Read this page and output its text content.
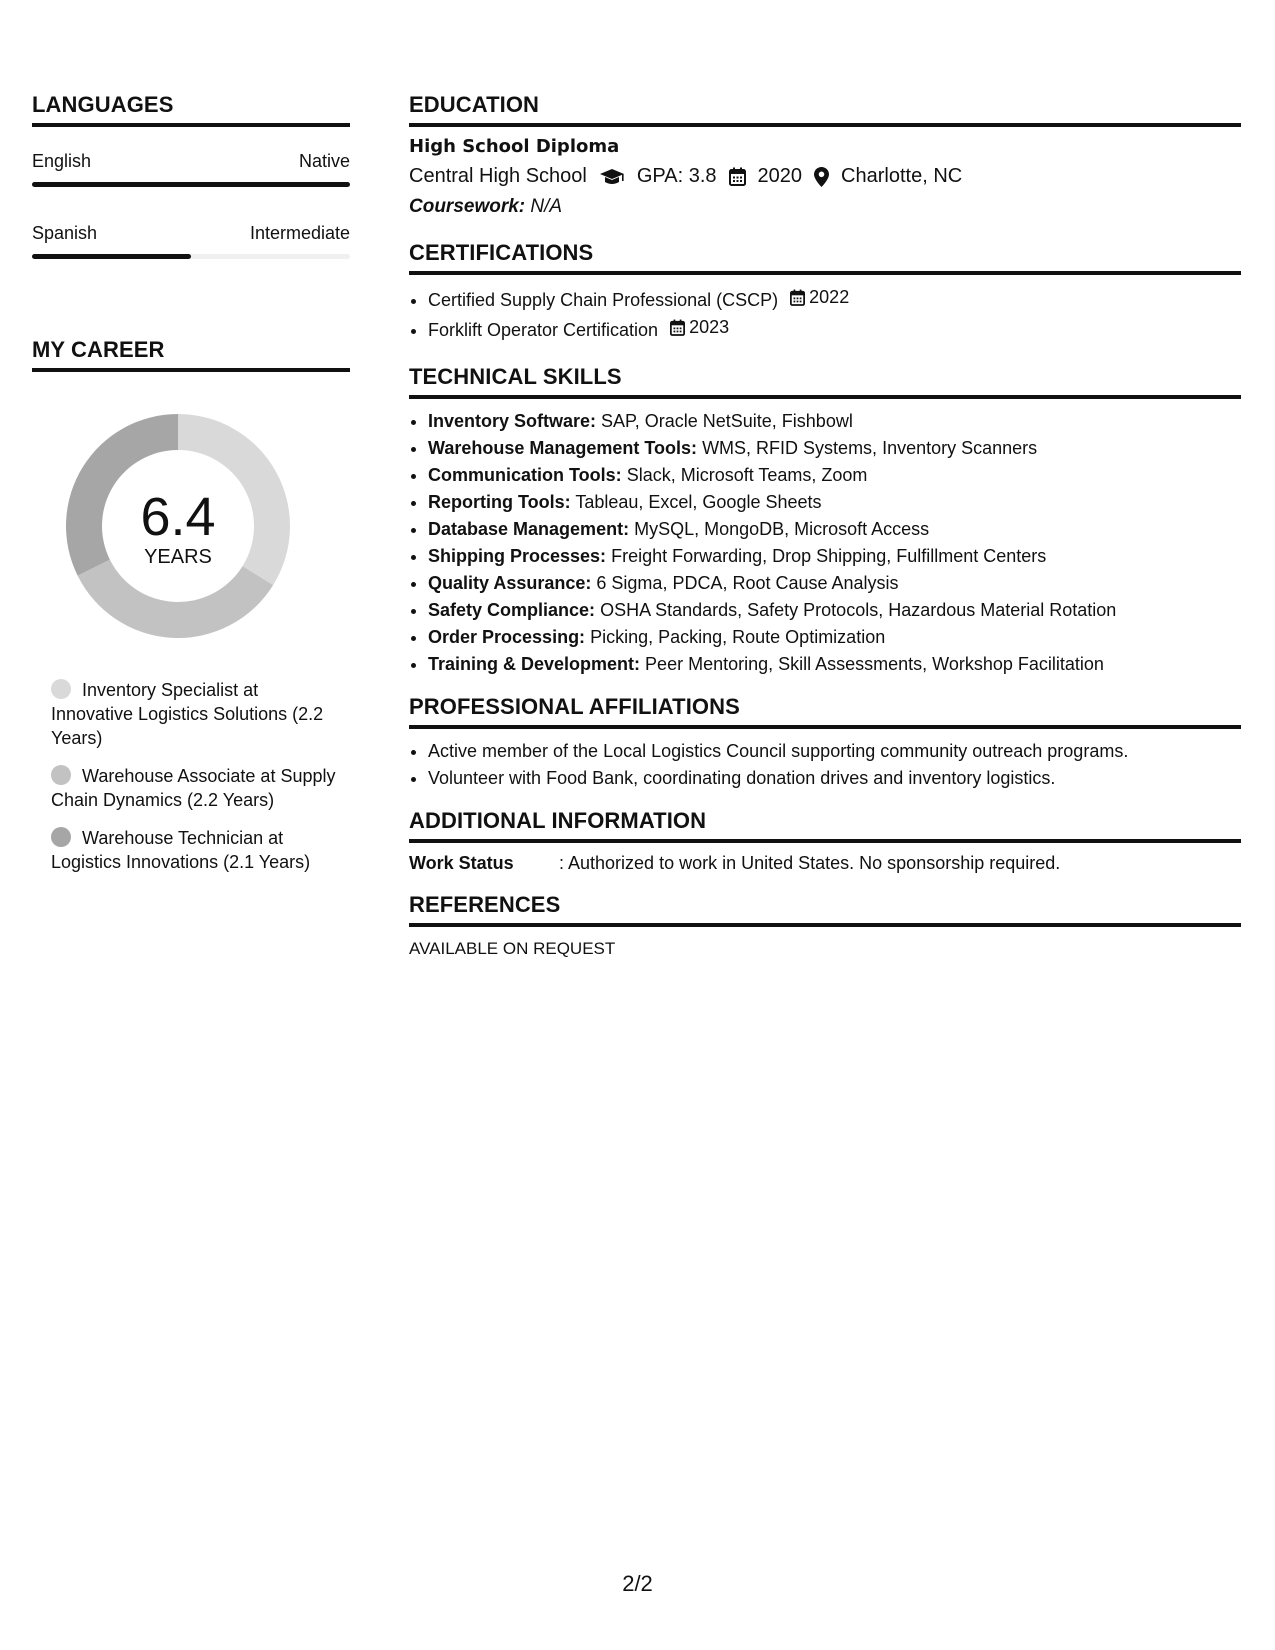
LANGUAGES
English	Native
Spanish	Intermediate
MY CAREER
6.4
YEARS
Inventory Specialist at Innovative Logistics Solutions (2.2 Years)
Warehouse Associate at Supply Chain Dynamics (2.2 Years)
Warehouse Technician at Logistics Innovations (2.1 Years)
EDUCATION
High School Diploma
Central High School	GPA: 3.8 2020 Charlotte, NC
Coursework: N/A
CERTIFICATIONS
• Certified Supply Chain Professional (CSCP) 2022
• Forklift Operator Certification 2023
TECHNICAL SKILLS
• Inventory Software: SAP, Oracle NetSuite, Fishbowl
• Warehouse Management Tools: WMS, RFID Systems, Inventory Scanners
• Communication Tools: Slack, Microsoft Teams, Zoom
• Reporting Tools: Tableau, Excel, Google Sheets
• Database Management: MySQL, MongoDB, Microsoft Access
• Shipping Processes: Freight Forwarding, Drop Shipping, Fulfillment Centers
• Quality Assurance: 6 Sigma, PDCA, Root Cause Analysis
• Safety Compliance: OSHA Standards, Safety Protocols, Hazardous Material Rotation
• Order Processing: Picking, Packing, Route Optimization
• Training & Development: Peer Mentoring, Skill Assessments, Workshop Facilitation
PROFESSIONAL AFFILIATIONS
• Active member of the Local Logistics Council supporting community outreach programs.
• Volunteer with Food Bank, coordinating donation drives and inventory logistics.
ADDITIONAL INFORMATION
Work Status	: Authorized to work in United States. No sponsorship required.
REFERENCES
AVAILABLE ON REQUEST
2/2
